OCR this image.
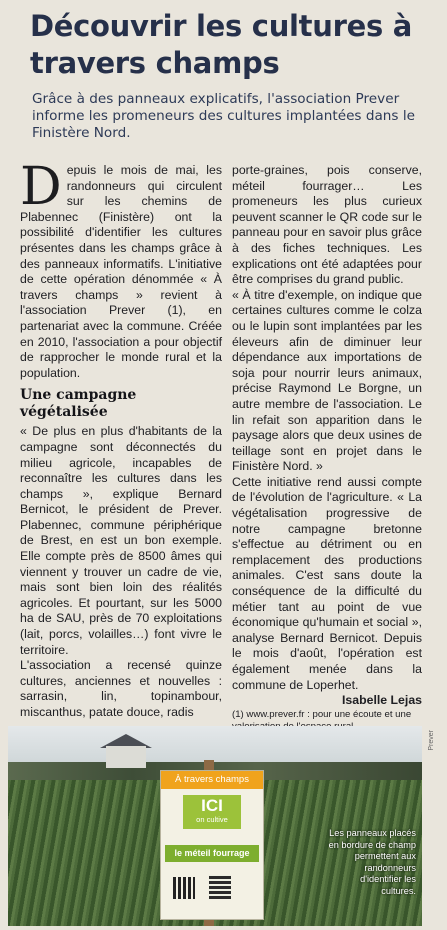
Découvrir les cultures à travers champs

Grâce à des panneaux explicatifs, l'association Prever informe les promeneurs des cultures implantées dans le Finistère Nord.

Depuis le mois de mai, les randonneurs qui circulent sur les chemins de Plabennec (Finistère) ont la possibilité d'identifier les cultures présentes dans les champs grâce à des panneaux informatifs. L'initiative de cette opération dénommée « À travers champs » revient à l'association Prever (1), en partenariat avec la commune. Créée en 2010, l'association a pour objectif de rapprocher le monde rural et la population.

Une campagne végétalisée

« De plus en plus d'habitants de la campagne sont déconnectés du milieu agricole, incapables de reconnaître les cultures dans les champs », explique Bernard Bernicot, le président de Prever. Plabennec, commune périphérique de Brest, en est un bon exemple. Elle compte près de 8500 âmes qui viennent y trouver un cadre de vie, mais sont bien loin des réalités agricoles. Et pourtant, sur les 5000 ha de SAU, près de 70 exploitations (lait, porcs, volailles…) font vivre le territoire.

L'association a recensé quinze cultures, anciennes et nouvelles : sarrasin, lin, topinambour, miscanthus, patate douce, radis

porte-graines, pois conserve, méteil fourrager… Les promeneurs les plus curieux peuvent scanner le QR code sur le panneau pour en savoir plus grâce à des fiches techniques. Les explications ont été adaptées pour être comprises du grand public.

« À titre d'exemple, on indique que certaines cultures comme le colza ou le lupin sont implantées par les éleveurs afin de diminuer leur dépendance aux importations de soja pour nourrir leurs animaux, précise Raymond Le Borgne, un autre membre de l'association. Le lin refait son apparition dans le paysage alors que deux usines de teillage sont en projet dans le Finistère Nord. »

Cette initiative rend aussi compte de l'évolution de l'agriculture. « La végétalisation progressive de notre campagne bretonne s'effectue au détriment ou en remplacement des productions animales. C'est sans doute la conséquence de la difficulté du métier tant au point de vue économique qu'humain et social », analyse Bernard Bernicot. Depuis le mois d'août, l'opération est également menée dans la commune de Loperhet.

Isabelle Lejas

(1) www.prever.fr : pour une écoute et une

Prever
À travers champs
ICI
on cultive
le méteil fourrage
Les panneaux placés en bordure de champ permettent aux randonneurs d'identifier les cultures.
